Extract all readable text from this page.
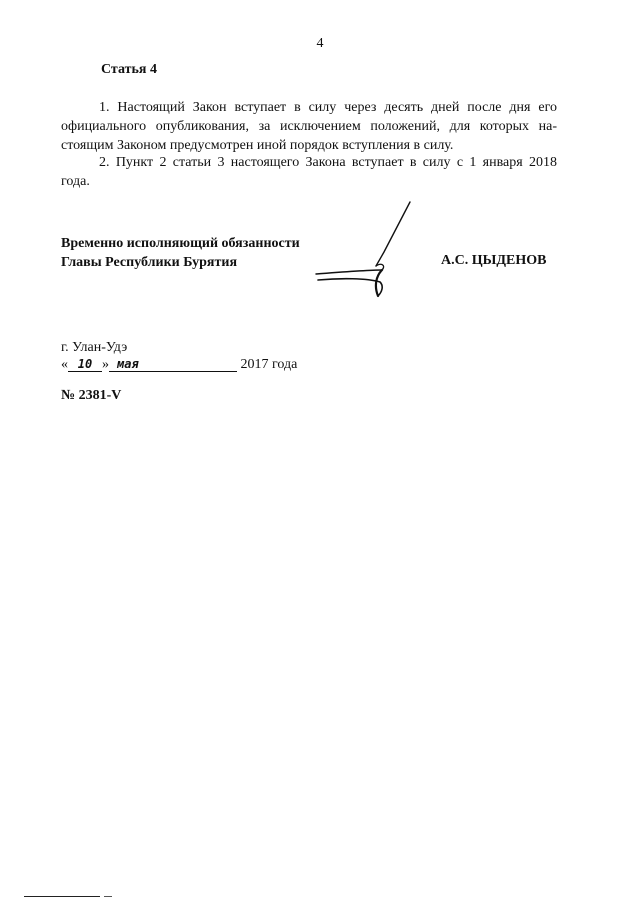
4
Статья 4
1. Настоящий Закон вступает в силу через десять дней после дня его
официального опубликования, за исключением положений, для которых на-
стоящим Законом предусмотрен иной порядок вступления в силу.
2. Пункт 2 статьи 3 настоящего Закона вступает в силу с 1 января 2018
года.
Временно исполняющий обязанности
Главы Республики Бурятия	А.С. ЦЫДЕНОВ
г. Улан-Удэ
« 10 » мая	2017 года
№ 2381-V
